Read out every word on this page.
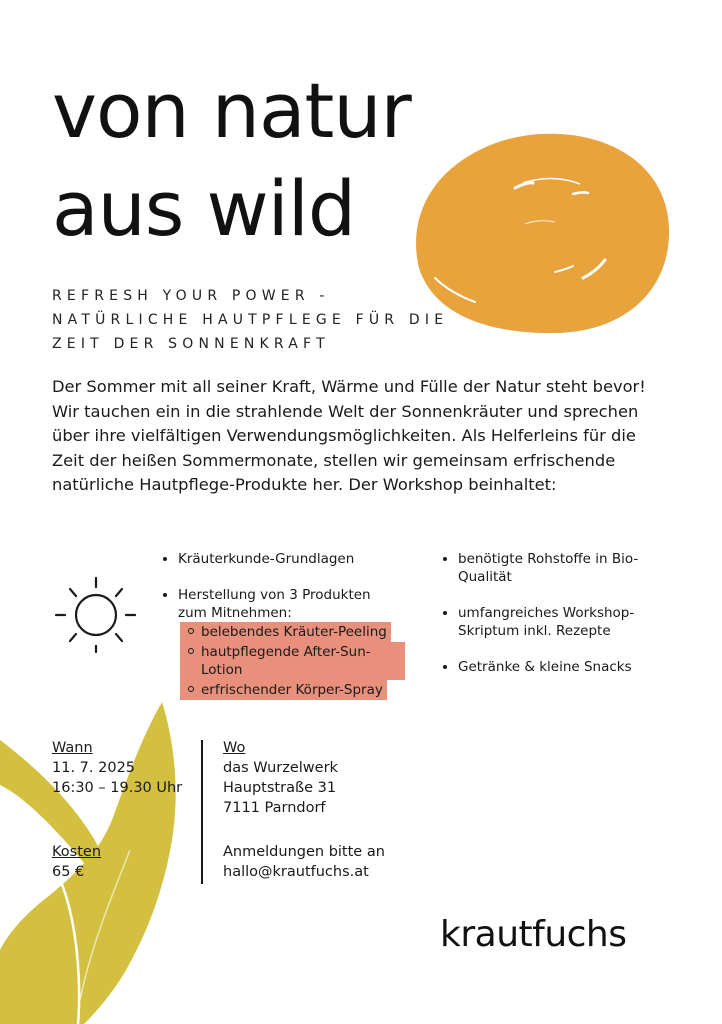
von natur
aus wild
REFRESH YOUR POWER -
NATÜRLICHE HAUTPFLEGE FÜR DIE
ZEIT DER SONNENKRAFT

Der Sommer mit all seiner Kraft, Wärme und Fülle der Natur steht bevor! Wir tauchen ein in die strahlende Welt der Sonnenkräuter und sprechen über ihre vielfältigen Verwendungsmöglichkeiten. Als Helferleins für die Zeit der heißen Sommermonate, stellen wir gemeinsam erfrischende natürliche Hautpflege-Produkte her. Der Workshop beinhaltet:

Kräuterkunde-Grundlagen
Herstellung von 3 Produkten zum Mitnehmen:
belebendes Kräuter-Peeling
hautpflegende After-Sun-Lotion
erfrischender Körper-Spray
benötigte Rohstoffe in Bio-Qualität
umfangreiches Workshop-Skriptum inkl. Rezepte
Getränke & kleine Snacks
Wann
11. 7. 2025
16:30 – 19.30 Uhr
Kosten
65 €
Wo
das Wurzelwerk
Hauptstraße 31
7111 Parndorf
Anmeldungen bitte an
hallo@krautfuchs.at
krautfuchs
